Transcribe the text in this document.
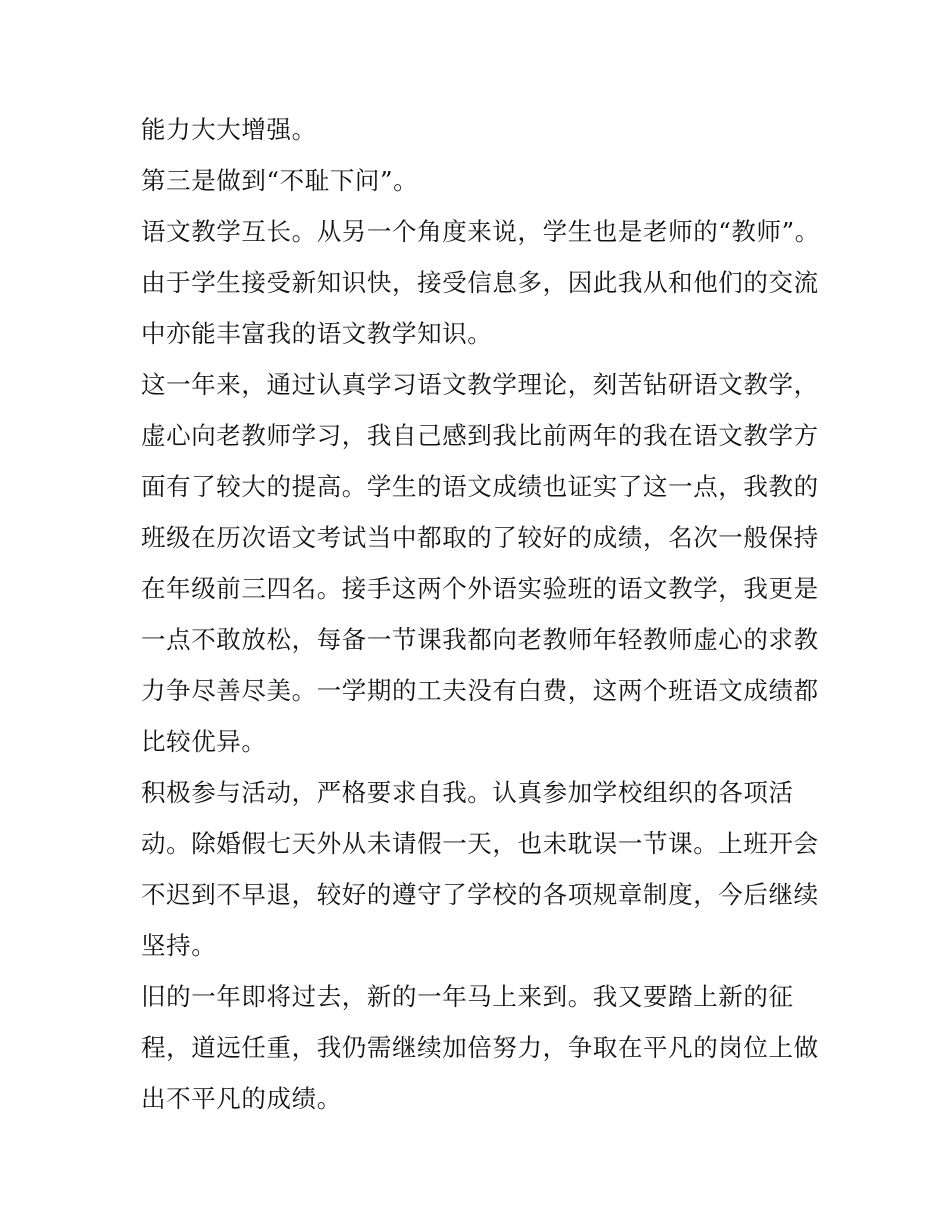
能力大大增强。
第三是做到“不耻下问”。
语文教学互长。从另一个角度来说，学生也是老师的“教师”。
由于学生接受新知识快，接受信息多，因此我从和他们的交流
中亦能丰富我的语文教学知识。
这一年来，通过认真学习语文教学理论，刻苦钻研语文教学，
虚心向老教师学习，我自己感到我比前两年的我在语文教学方
面有了较大的提高。学生的语文成绩也证实了这一点，我教的
班级在历次语文考试当中都取的了较好的成绩，名次一般保持
在年级前三四名。接手这两个外语实验班的语文教学，我更是
一点不敢放松，每备一节课我都向老教师年轻教师虚心的求教
力争尽善尽美。一学期的工夫没有白费，这两个班语文成绩都
比较优异。
积极参与活动，严格要求自我。认真参加学校组织的各项活
动。除婚假七天外从未请假一天，也未耽误一节课。上班开会
不迟到不早退，较好的遵守了学校的各项规章制度，今后继续
坚持。
旧的一年即将过去，新的一年马上来到。我又要踏上新的征
程，道远任重，我仍需继续加倍努力，争取在平凡的岗位上做
出不平凡的成绩。
